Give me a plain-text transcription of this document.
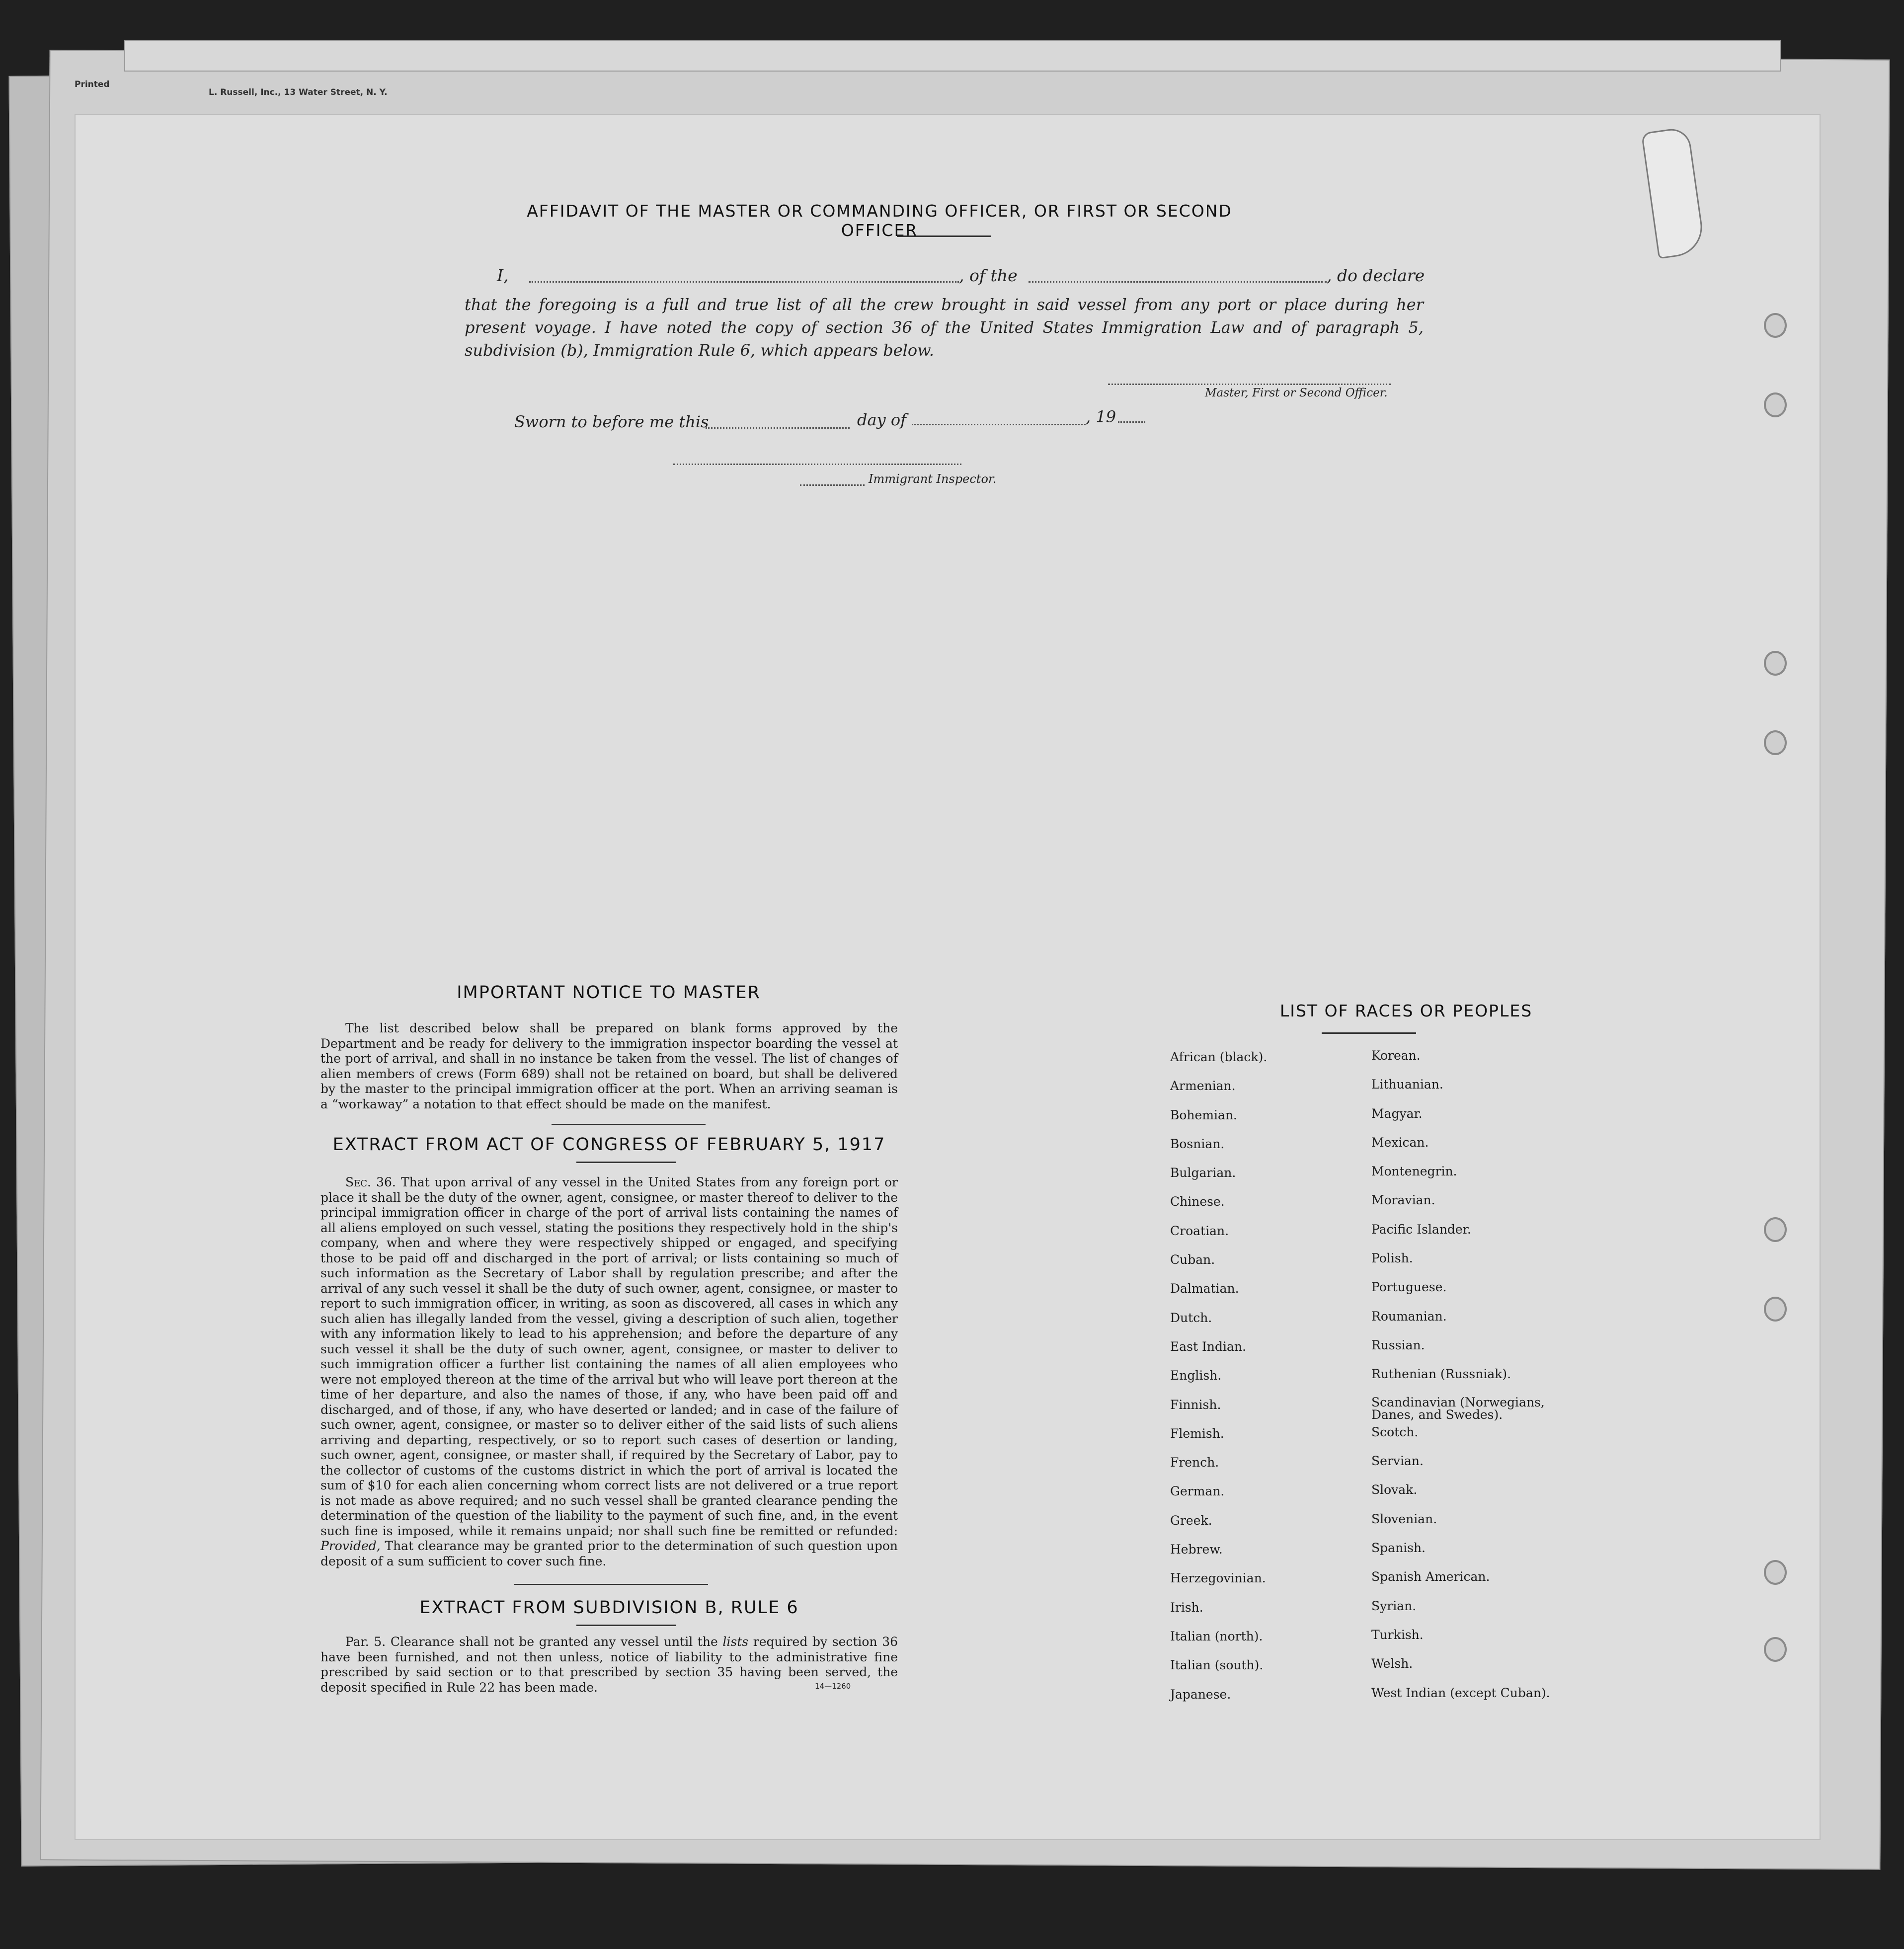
Printed
L. Russell, Inc., 13 Water Street, N. Y.
AFFIDAVIT OF THE MASTER OR COMMANDING OFFICER, OR FIRST OR SECOND OFFICER
I,	, of the	, do declare
that the foregoing is a full and true list of all the crew brought in said vessel from any port or place during her present voyage. I have noted the copy of section 36 of the United States Immigration Law and of paragraph 5, subdivision (b), Immigration Rule 6, which appears below.
Master, First or Second Officer.
Sworn to before me this	day of	, 19
Immigrant Inspector.
IMPORTANT NOTICE TO MASTER
The list described below shall be prepared on blank forms approved by the Department and be ready for delivery to the immigration inspector boarding the vessel at the port of arrival, and shall in no instance be taken from the vessel. The list of changes of alien members of crews (Form 689) shall not be retained on board, but shall be delivered by the master to the principal immigration officer at the port. When an arriving seaman is a “workaway” a notation to that effect should be made on the manifest.
EXTRACT FROM ACT OF CONGRESS OF FEBRUARY 5, 1917
Sec. 36. That upon arrival of any vessel in the United States from any foreign port or place it shall be the duty of the owner, agent, consignee, or master thereof to deliver to the principal immigration officer in charge of the port of arrival lists containing the names of all aliens employed on such vessel, stating the positions they respectively hold in the ship's company, when and where they were respectively shipped or engaged, and specifying those to be paid off and discharged in the port of arrival; or lists containing so much of such information as the Secretary of Labor shall by regulation prescribe; and after the arrival of any such vessel it shall be the duty of such owner, agent, consignee, or master to report to such immigration officer, in writing, as soon as discovered, all cases in which any such alien has illegally landed from the vessel, giving a description of such alien, together with any information likely to lead to his apprehension; and before the departure of any such vessel it shall be the duty of such owner, agent, consignee, or master to deliver to such immigration officer a further list containing the names of all alien employees who were not employed thereon at the time of the arrival but who will leave port thereon at the time of her departure, and also the names of those, if any, who have been paid off and discharged, and of those, if any, who have deserted or landed; and in case of the failure of such owner, agent, consignee, or master so to deliver either of the said lists of such aliens arriving and departing, respectively, or so to report such cases of desertion or landing, such owner, agent, consignee, or master shall, if required by the Secretary of Labor, pay to the collector of customs of the customs district in which the port of arrival is located the sum of $10 for each alien concerning whom correct lists are not delivered or a true report is not made as above required; and no such vessel shall be granted clearance pending the determination of the question of the liability to the payment of such fine, and, in the event such fine is imposed, while it remains unpaid; nor shall such fine be remitted or refunded: Provided, That clearance may be granted prior to the determination of such question upon deposit of a sum sufficient to cover such fine.
EXTRACT FROM SUBDIVISION B, RULE 6
Par. 5. Clearance shall not be granted any vessel until the lists required by section 36 have been furnished, and not then unless, notice of liability to the administrative fine prescribed by said section or to that prescribed by section 35 having been served, the deposit specified in Rule 22 has been made.	14—1260
LIST OF RACES OR PEOPLES
African (black).
Armenian.
Bohemian.
Bosnian.
Bulgarian.
Chinese.
Croatian.
Cuban.
Dalmatian.
Dutch.
East Indian.
English.
Finnish.
Flemish.
French.
German.
Greek.
Hebrew.
Herzegovinian.
Irish.
Italian (north).
Italian (south).
Japanese.
Korean.
Lithuanian.
Magyar.
Mexican.
Montenegrin.
Moravian.
Pacific Islander.
Polish.
Portuguese.
Roumanian.
Russian.
Ruthenian (Russniak).
Scandinavian (Norwegians, Danes, and Swedes).
Scotch.
Servian.
Slovak.
Slovenian.
Spanish.
Spanish American.
Syrian.
Turkish.
Welsh.
West Indian (except Cuban).
